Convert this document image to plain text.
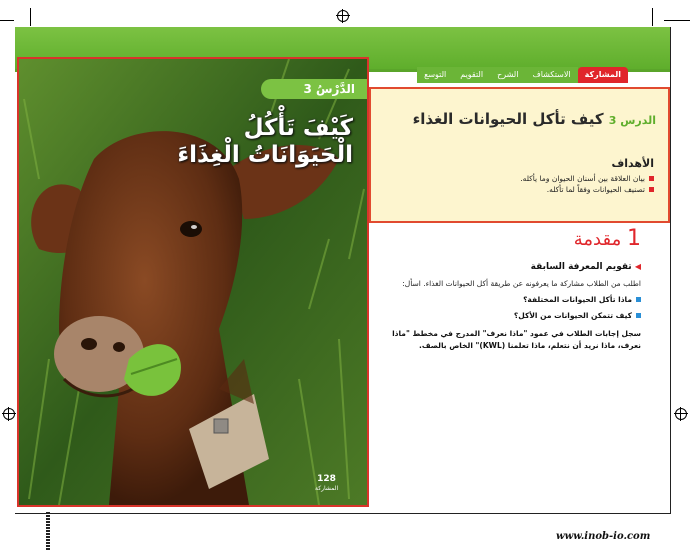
المشاركة
الاستكشاف
الشرح
التقويم
التوسع
الدَّرْسُ 3
كَيْفَ تَأْكُلُ
الْحَيَوَانَاتُ الْغِذَاءَ
128
المشاركة
الدرس 3 كيف تأكل الحيوانات الغذاء
الأهداف
بيان العلاقة بين أسنان الحيوان وما يأكله.
تصنيف الحيوانات وفقاً لما تأكله.
1 مقدمة
◀ تقويم المعرفة السابقة
اطلب من الطلاب مشاركة ما يعرفونه عن طريقة أكل الحيوانات الغذاء. اسأل:
ماذا تأكل الحيوانات المختلفة؟
كيف تتمكن الحيوانات من الأكل؟
سجل إجابات الطلاب في عمود "ماذا نعرف" المدرج في مخطط "ماذا نعرف، ماذا نريد أن نتعلم، ماذا تعلمنا (KWL)" الخاص بالصف.
www.inob-io.com
